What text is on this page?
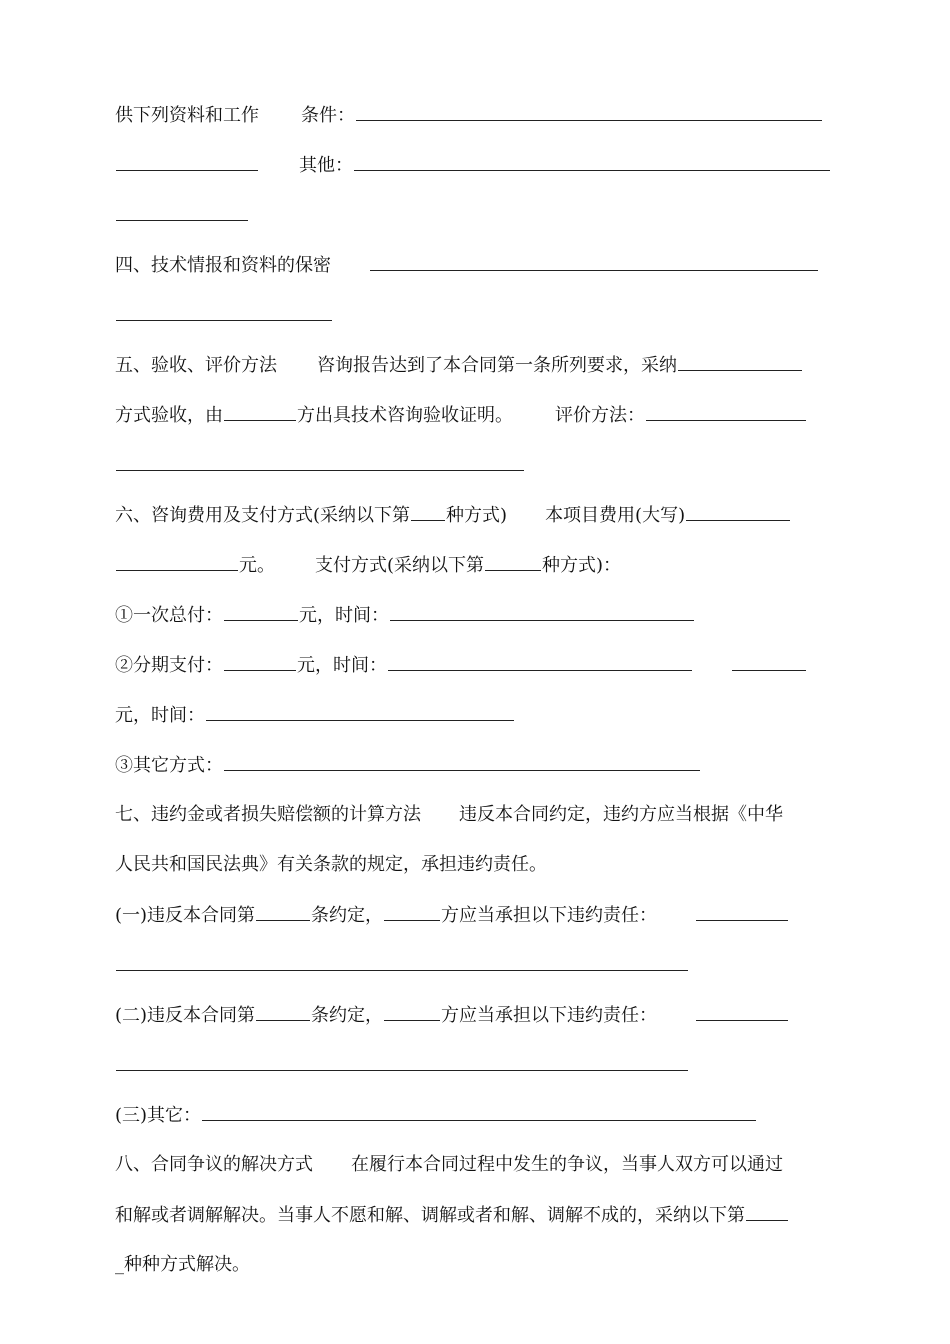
供下列资料和工作 条件：
其他：
四、技术情报和资料的保密
五、验收、评价方法 咨询报告达到了本合同第一条所列要求，采纳
方式验收，由	方出具技术咨询验收证明。 评价方法：
六、咨询费用及支付方式(采纳以下第 种方式) 本项目费用(大写)
元。 支付方式(采纳以下第	种方式)：
①一次总付：	元，时间：
②分期支付：	元，时间：
元，时间：
③其它方式：
七、违约金或者损失赔偿额的计算方法 违反本合同约定，违约方应当根据《中华
人民共和国民法典》有关条款的规定，承担违约责任。
(一)违反本合同第	条约定，	方应当承担以下违约责任：
(二)违反本合同第	条约定，	方应当承担以下违约责任：
(三)其它：
八、合同争议的解决方式 在履行本合同过程中发生的争议，当事人双方可以通过
和解或者调解解决。当事人不愿和解、调解或者和解、调解不成的，采纳以下第
_种种方式解决。
